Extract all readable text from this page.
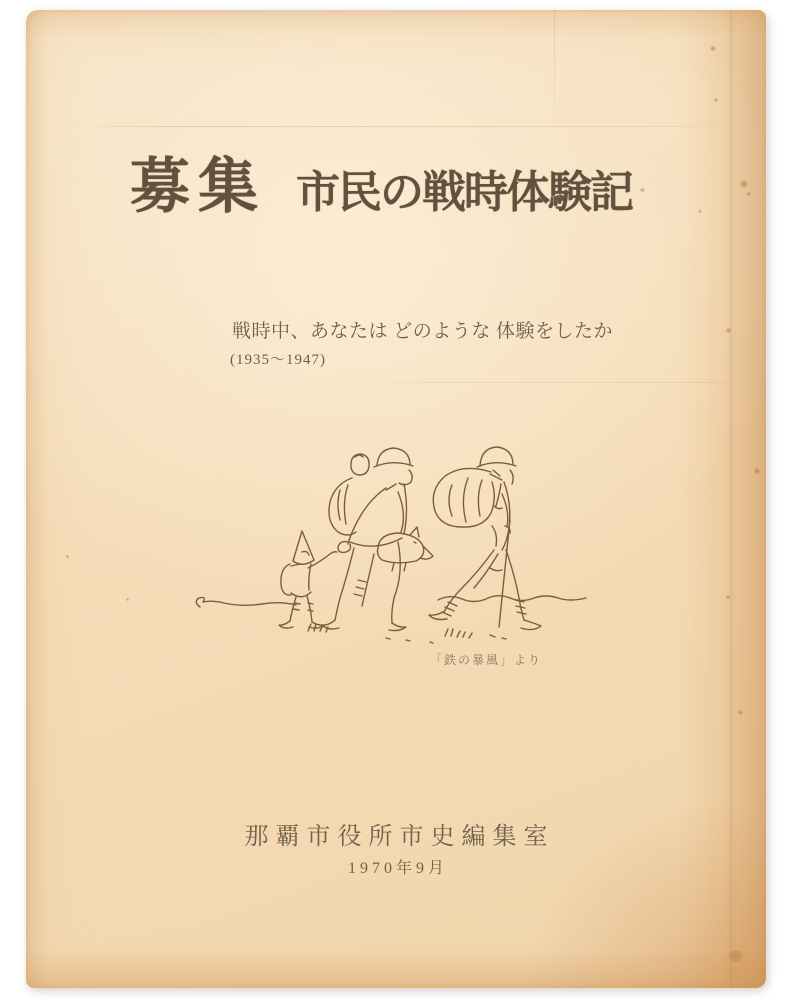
募集 市民の戦時体験記
戦時中、あなたは どのような 体験をしたか
(1935～1947)
「鉄の暴風」より
那覇市役所市史編集室
1970年9月
